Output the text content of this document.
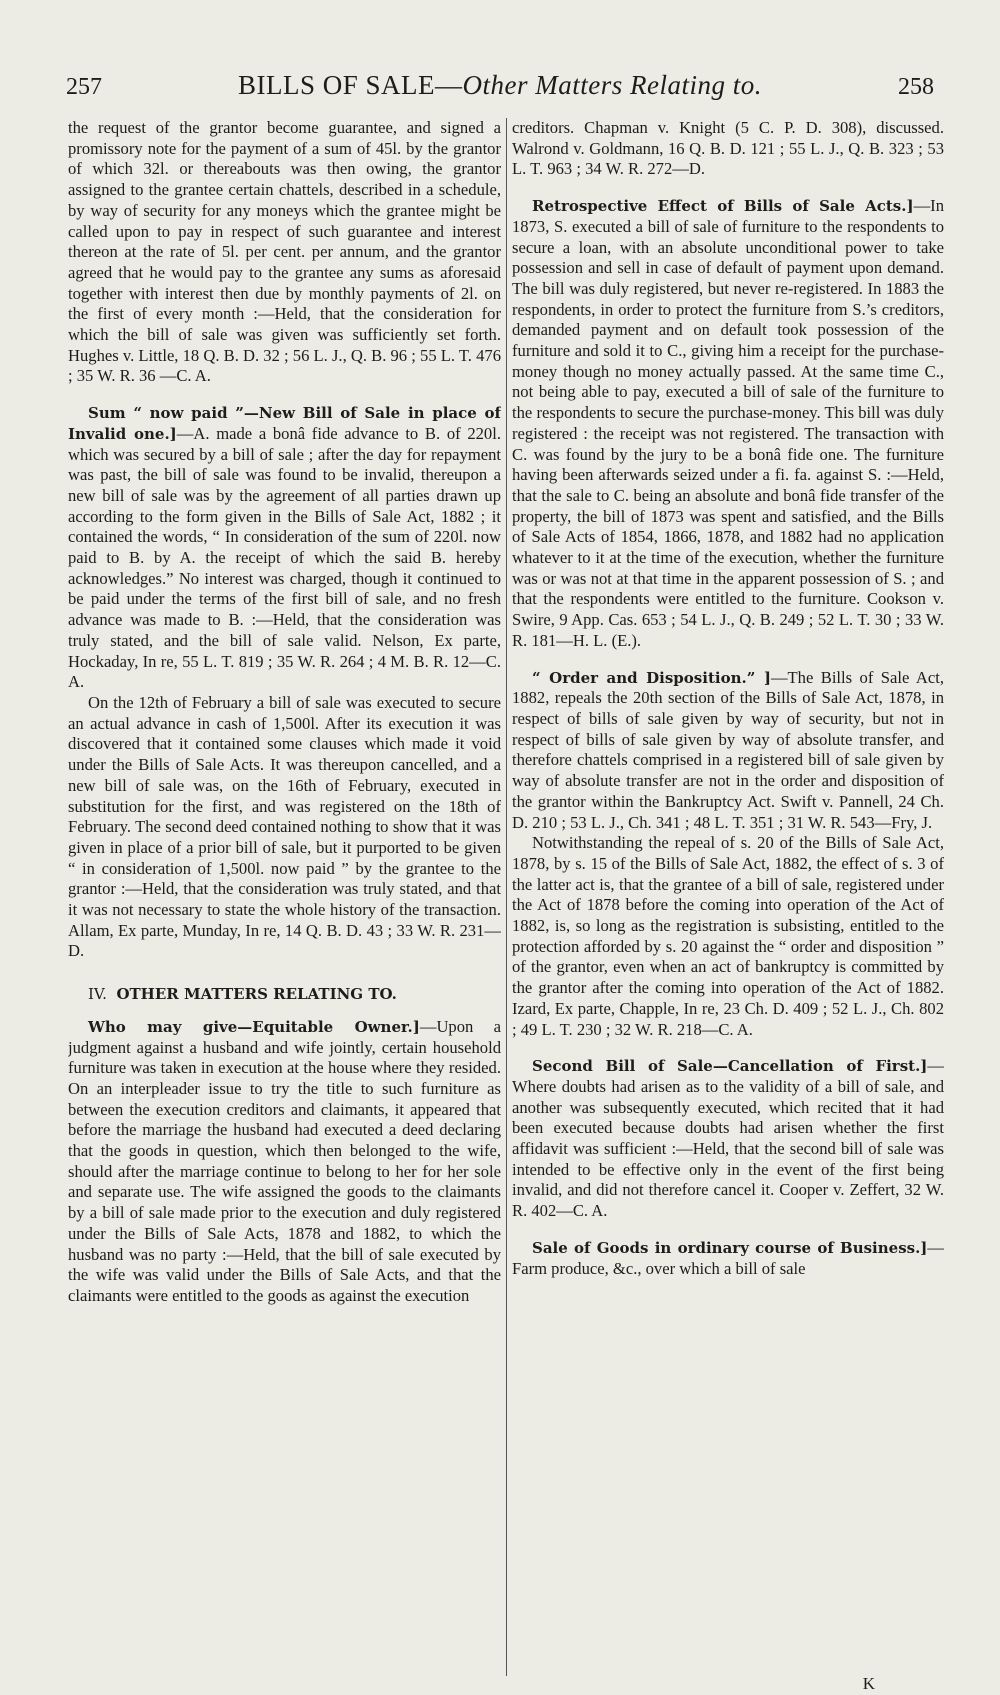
257	BILLS OF SALE—Other Matters Relating to.	258

the request of the grantor become guarantee, and signed a promissory note for the payment of a sum of 45l. by the grantor of which 32l. or thereabouts was then owing, the grantor assigned to the grantee certain chattels, described in a schedule, by way of security for any moneys which the grantee might be called upon to pay in respect of such guarantee and interest thereon at the rate of 5l. per cent. per annum, and the grantor agreed that he would pay to the grantee any sums as aforesaid together with interest then due by monthly payments of 2l. on the first of every month :—Held, that the consideration for which the bill of sale was given was sufficiently set forth. Hughes v. Little, 18 Q. B. D. 32 ; 56 L. J., Q. B. 96 ; 55 L. T. 476 ; 35 W. R. 36 —C. A.

Sum “ now paid ”—New Bill of Sale in place of Invalid one.]—A. made a bonâ fide advance to B. of 220l. which was secured by a bill of sale ; after the day for repayment was past, the bill of sale was found to be invalid, thereupon a new bill of sale was by the agreement of all parties drawn up according to the form given in the Bills of Sale Act, 1882 ; it contained the words, “ In consideration of the sum of 220l. now paid to B. by A. the receipt of which the said B. hereby acknowledges.” No interest was charged, though it continued to be paid under the terms of the first bill of sale, and no fresh advance was made to B. :—Held, that the consideration was truly stated, and the bill of sale valid. Nelson, Ex parte, Hockaday, In re, 55 L. T. 819 ; 35 W. R. 264 ; 4 M. B. R. 12—C. A.

On the 12th of February a bill of sale was executed to secure an actual advance in cash of 1,500l. After its execution it was discovered that it contained some clauses which made it void under the Bills of Sale Acts. It was thereupon cancelled, and a new bill of sale was, on the 16th of February, executed in substitution for the first, and was registered on the 18th of February. The second deed contained nothing to show that it was given in place of a prior bill of sale, but it purported to be given “ in consideration of 1,500l. now paid ” by the grantee to the grantor :—Held, that the consideration was truly stated, and that it was not necessary to state the whole history of the transaction. Allam, Ex parte, Munday, In re, 14 Q. B. D. 43 ; 33 W. R. 231—D.

IV. OTHER MATTERS RELATING TO.

Who may give—Equitable Owner.]—Upon a judgment against a husband and wife jointly, certain household furniture was taken in execution at the house where they resided. On an interpleader issue to try the title to such furniture as between the execution creditors and claimants, it appeared that before the marriage the husband had executed a deed declaring that the goods in question, which then belonged to the wife, should after the marriage continue to belong to her for her sole and separate use. The wife assigned the goods to the claimants by a bill of sale made prior to the execution and duly registered under the Bills of Sale Acts, 1878 and 1882, to which the husband was no party :—Held, that the bill of sale executed by the wife was valid under the Bills of Sale Acts, and that the claimants were entitled to the goods as against the execution

creditors. Chapman v. Knight (5 C. P. D. 308), discussed. Walrond v. Goldmann, 16 Q. B. D. 121 ; 55 L. J., Q. B. 323 ; 53 L. T. 963 ; 34 W. R. 272—D.

Retrospective Effect of Bills of Sale Acts.]—In 1873, S. executed a bill of sale of furniture to the respondents to secure a loan, with an absolute unconditional power to take possession and sell in case of default of payment upon demand. The bill was duly registered, but never re-registered. In 1883 the respondents, in order to protect the furniture from S.’s creditors, demanded payment and on default took possession of the furniture and sold it to C., giving him a receipt for the purchase-money though no money actually passed. At the same time C., not being able to pay, executed a bill of sale of the furniture to the respondents to secure the purchase-money. This bill was duly registered : the receipt was not registered. The transaction with C. was found by the jury to be a bonâ fide one. The furniture having been afterwards seized under a fi. fa. against S. :—Held, that the sale to C. being an absolute and bonâ fide transfer of the property, the bill of 1873 was spent and satisfied, and the Bills of Sale Acts of 1854, 1866, 1878, and 1882 had no application whatever to it at the time of the execution, whether the furniture was or was not at that time in the apparent possession of S. ; and that the respondents were entitled to the furniture. Cookson v. Swire, 9 App. Cas. 653 ; 54 L. J., Q. B. 249 ; 52 L. T. 30 ; 33 W. R. 181—H. L. (E.).

“ Order and Disposition.” ]—The Bills of Sale Act, 1882, repeals the 20th section of the Bills of Sale Act, 1878, in respect of bills of sale given by way of security, but not in respect of bills of sale given by way of absolute transfer, and therefore chattels comprised in a registered bill of sale given by way of absolute transfer are not in the order and disposition of the grantor within the Bankruptcy Act. Swift v. Pannell, 24 Ch. D. 210 ; 53 L. J., Ch. 341 ; 48 L. T. 351 ; 31 W. R. 543—Fry, J.

Notwithstanding the repeal of s. 20 of the Bills of Sale Act, 1878, by s. 15 of the Bills of Sale Act, 1882, the effect of s. 3 of the latter act is, that the grantee of a bill of sale, registered under the Act of 1878 before the coming into operation of the Act of 1882, is, so long as the registration is subsisting, entitled to the protection afforded by s. 20 against the “ order and disposition ” of the grantor, even when an act of bankruptcy is committed by the grantor after the coming into operation of the Act of 1882. Izard, Ex parte, Chapple, In re, 23 Ch. D. 409 ; 52 L. J., Ch. 802 ; 49 L. T. 230 ; 32 W. R. 218—C. A.

Second Bill of Sale—Cancellation of First.]—Where doubts had arisen as to the validity of a bill of sale, and another was subsequently executed, which recited that it had been executed because doubts had arisen whether the first affidavit was sufficient :—Held, that the second bill of sale was intended to be effective only in the event of the first being invalid, and did not therefore cancel it. Cooper v. Zeffert, 32 W. R. 402—C. A.

Sale of Goods in ordinary course of Business.]—Farm produce, &c., over which a bill of sale

K
